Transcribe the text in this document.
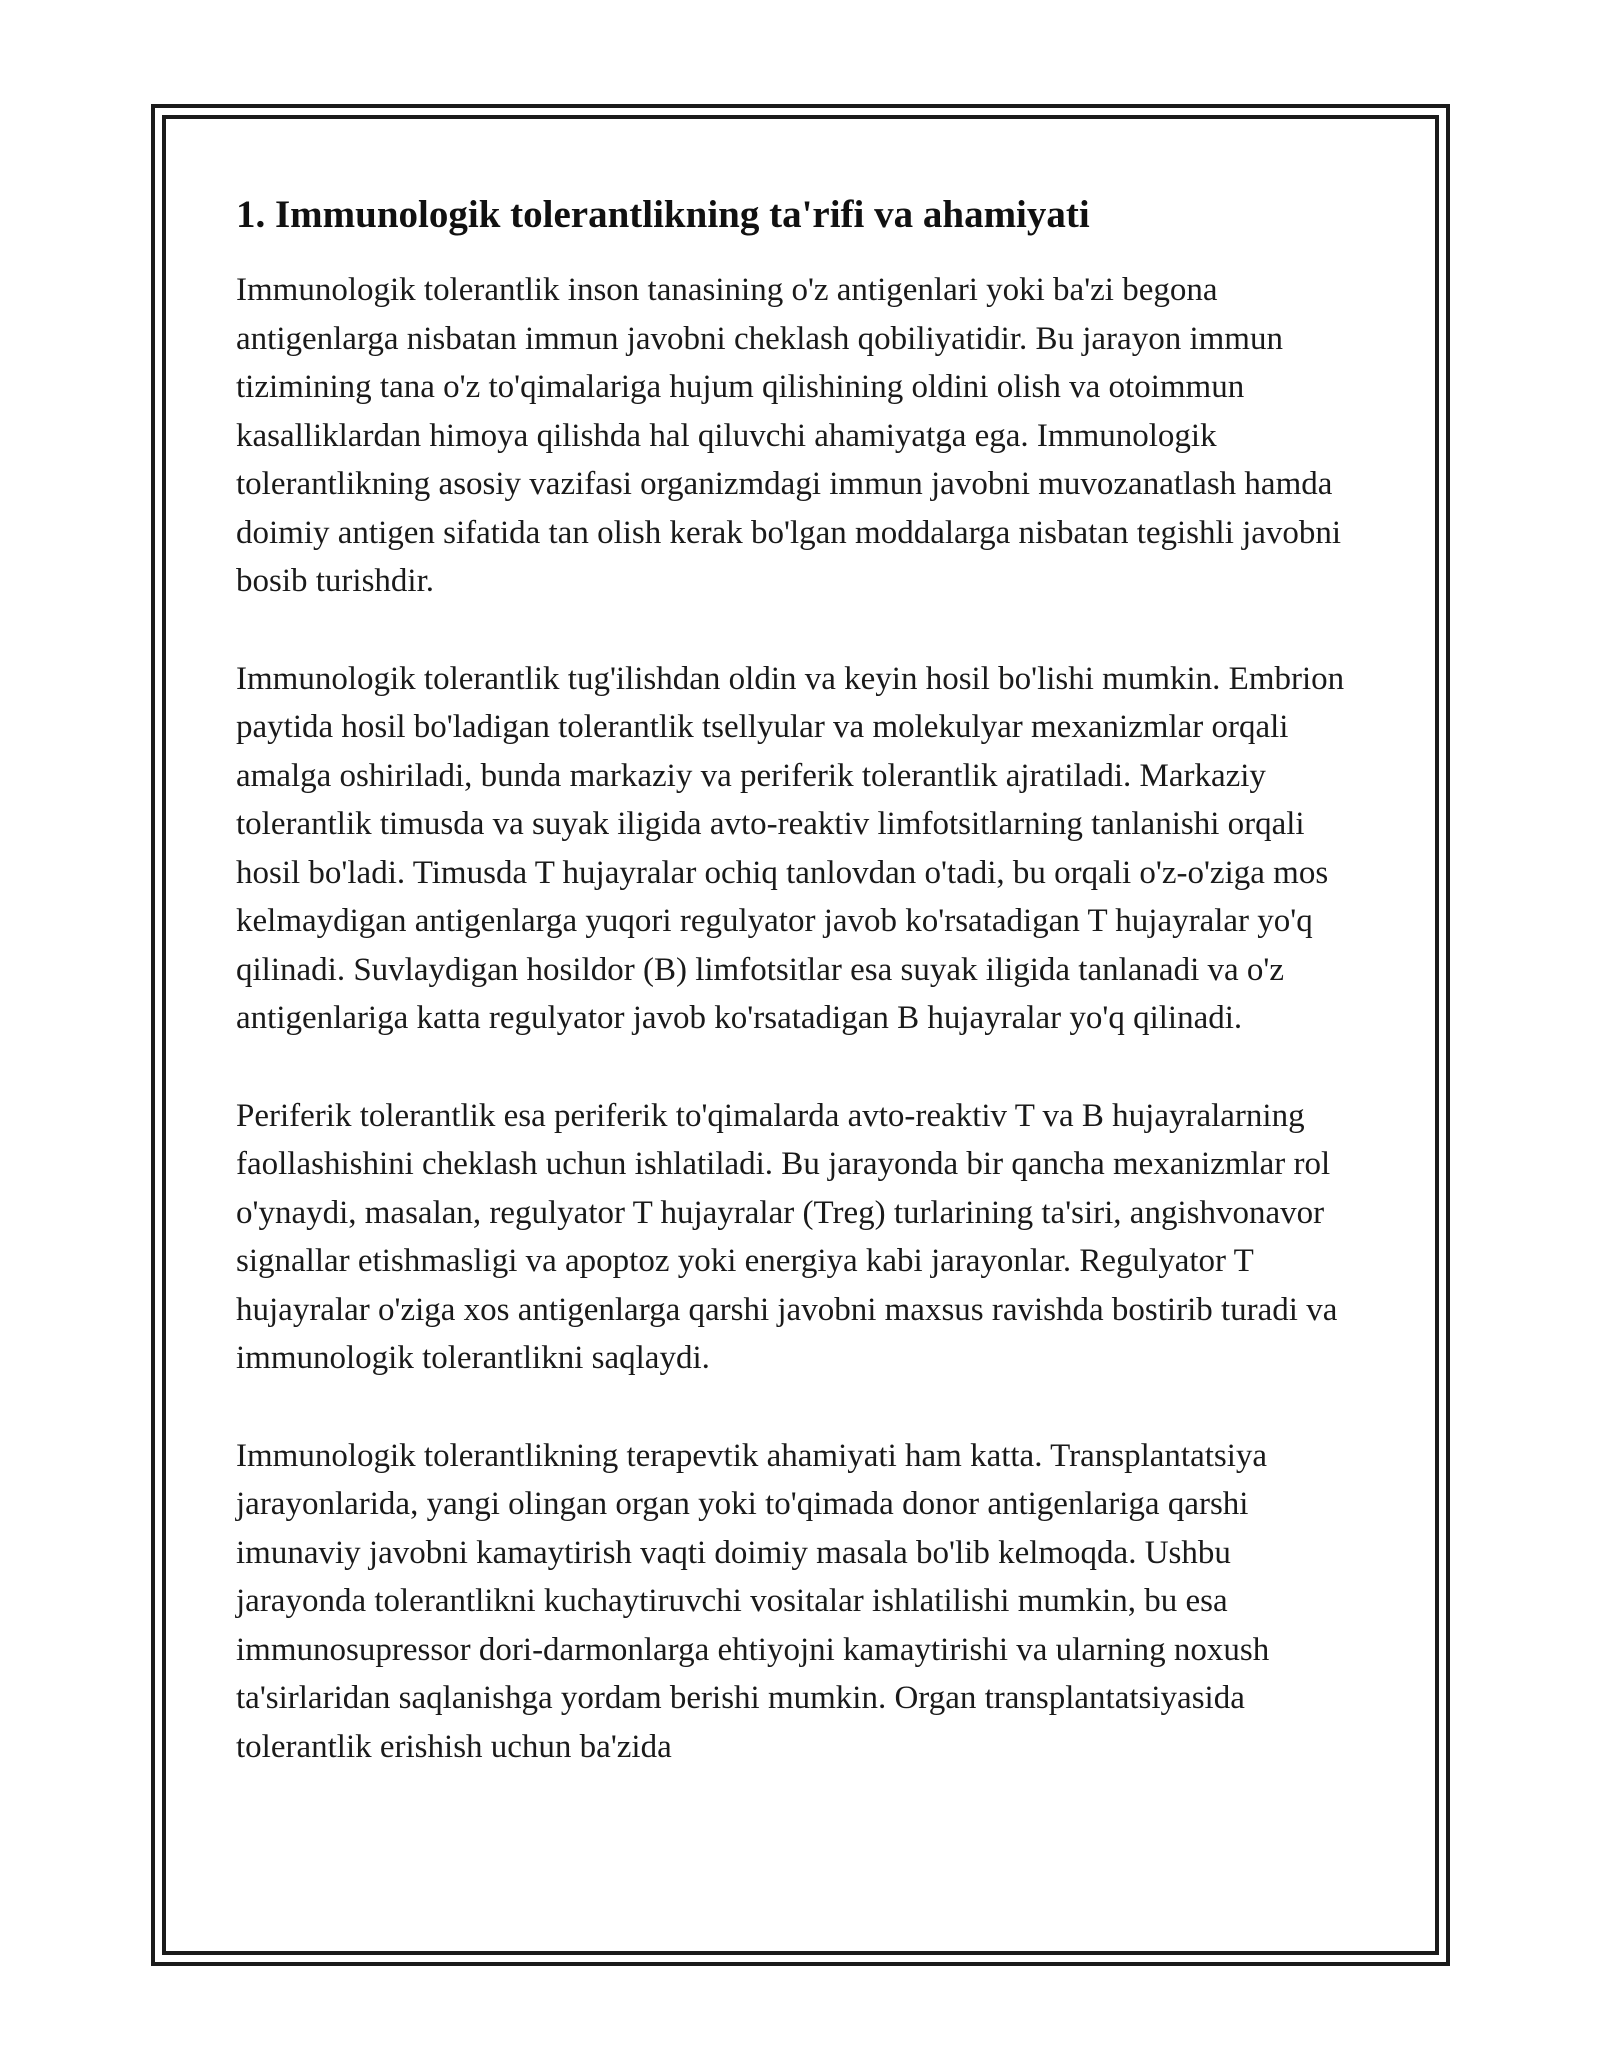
1. Immunologik tolerantlikning ta'rifi va ahamiyati

Immunologik tolerantlik inson tanasining o'z antigenlari yoki ba'zi begona antigenlarga nisbatan immun javobni cheklash qobiliyatidir. Bu jarayon immun tizimining tana o'z to'qimalariga hujum qilishining oldini olish va otoimmun kasalliklardan himoya qilishda hal qiluvchi ahamiyatga ega. Immunologik tolerantlikning asosiy vazifasi organizmdagi immun javobni muvozanatlash hamda doimiy antigen sifatida tan olish kerak bo'lgan moddalarga nisbatan tegishli javobni bosib turishdir.

Immunologik tolerantlik tug'ilishdan oldin va keyin hosil bo'lishi mumkin. Embrion paytida hosil bo'ladigan tolerantlik tsellyular va molekulyar mexanizmlar orqali amalga oshiriladi, bunda markaziy va periferik tolerantlik ajratiladi. Markaziy tolerantlik timusda va suyak iligida avto-reaktiv limfotsitlarning tanlanishi orqali hosil bo'ladi. Timusda T hujayralar ochiq tanlovdan o'tadi, bu orqali o'z-o'ziga mos kelmaydigan antigenlarga yuqori regulyator javob ko'rsatadigan T hujayralar yo'q qilinadi. Suvlaydigan hosildor (B) limfotsitlar esa suyak iligida tanlanadi va o'z antigenlariga katta regulyator javob ko'rsatadigan B hujayralar yo'q qilinadi.

Periferik tolerantlik esa periferik to'qimalarda avto-reaktiv T va B hujayralarning faollashishini cheklash uchun ishlatiladi. Bu jarayonda bir qancha mexanizmlar rol o'ynaydi, masalan, regulyator T hujayralar (Treg) turlarining ta'siri, angishvonavor signallar etishmasligi va apoptoz yoki energiya kabi jarayonlar. Regulyator T hujayralar o'ziga xos antigenlarga qarshi javobni maxsus ravishda bostirib turadi va immunologik tolerantlikni saqlaydi.

Immunologik tolerantlikning terapevtik ahamiyati ham katta. Transplantatsiya jarayonlarida, yangi olingan organ yoki to'qimada donor antigenlariga qarshi imunaviy javobni kamaytirish vaqti doimiy masala bo'lib kelmoqda. Ushbu jarayonda tolerantlikni kuchaytiruvchi vositalar ishlatilishi mumkin, bu esa immunosupressor dori-darmonlarga ehtiyojni kamaytirishi va ularning noxush ta'sirlaridan saqlanishga yordam berishi mumkin. Organ transplantatsiyasida tolerantlik erishish uchun ba'zida
